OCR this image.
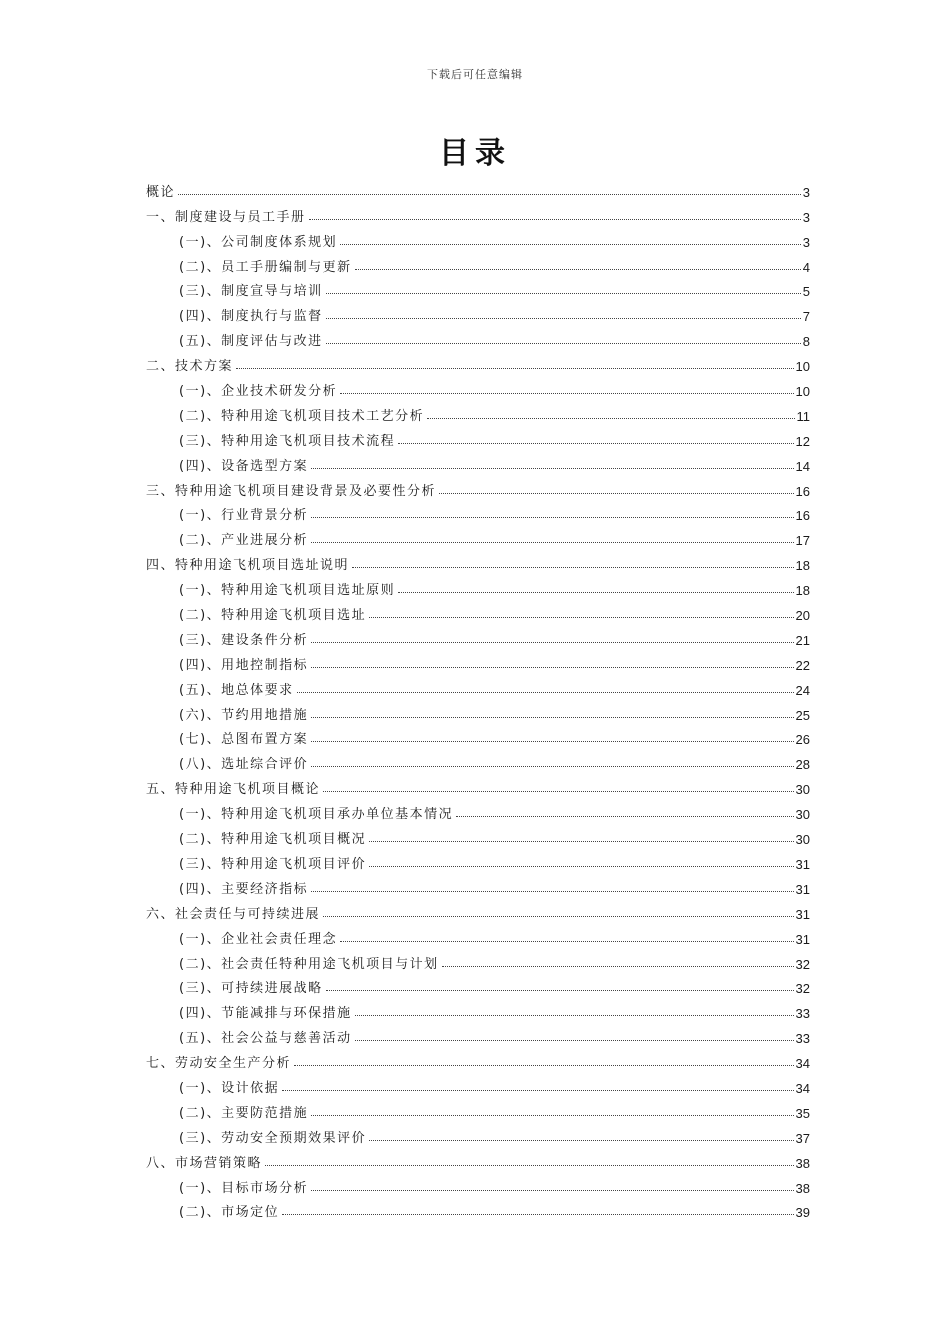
下载后可任意编辑
目录
概论	3
一、制度建设与员工手册	3
(一)、公司制度体系规划	3
(二)、员工手册编制与更新	4
(三)、制度宣导与培训	5
(四)、制度执行与监督	7
(五)、制度评估与改进	8
二、技术方案	10
(一)、企业技术研发分析	10
(二)、特种用途飞机项目技术工艺分析	11
(三)、特种用途飞机项目技术流程	12
(四)、设备选型方案	14
三、特种用途飞机项目建设背景及必要性分析	16
(一)、行业背景分析	16
(二)、产业进展分析	17
四、特种用途飞机项目选址说明	18
(一)、特种用途飞机项目选址原则	18
(二)、特种用途飞机项目选址	20
(三)、建设条件分析	21
(四)、用地控制指标	22
(五)、地总体要求	24
(六)、节约用地措施	25
(七)、总图布置方案	26
(八)、选址综合评价	28
五、特种用途飞机项目概论	30
(一)、特种用途飞机项目承办单位基本情况	30
(二)、特种用途飞机项目概况	30
(三)、特种用途飞机项目评价	31
(四)、主要经济指标	31
六、社会责任与可持续进展	31
(一)、企业社会责任理念	31
(二)、社会责任特种用途飞机项目与计划	32
(三)、可持续进展战略	32
(四)、节能减排与环保措施	33
(五)、社会公益与慈善活动	33
七、劳动安全生产分析	34
(一)、设计依据	34
(二)、主要防范措施	35
(三)、劳动安全预期效果评价	37
八、市场营销策略	38
(一)、目标市场分析	38
(二)、市场定位	39
